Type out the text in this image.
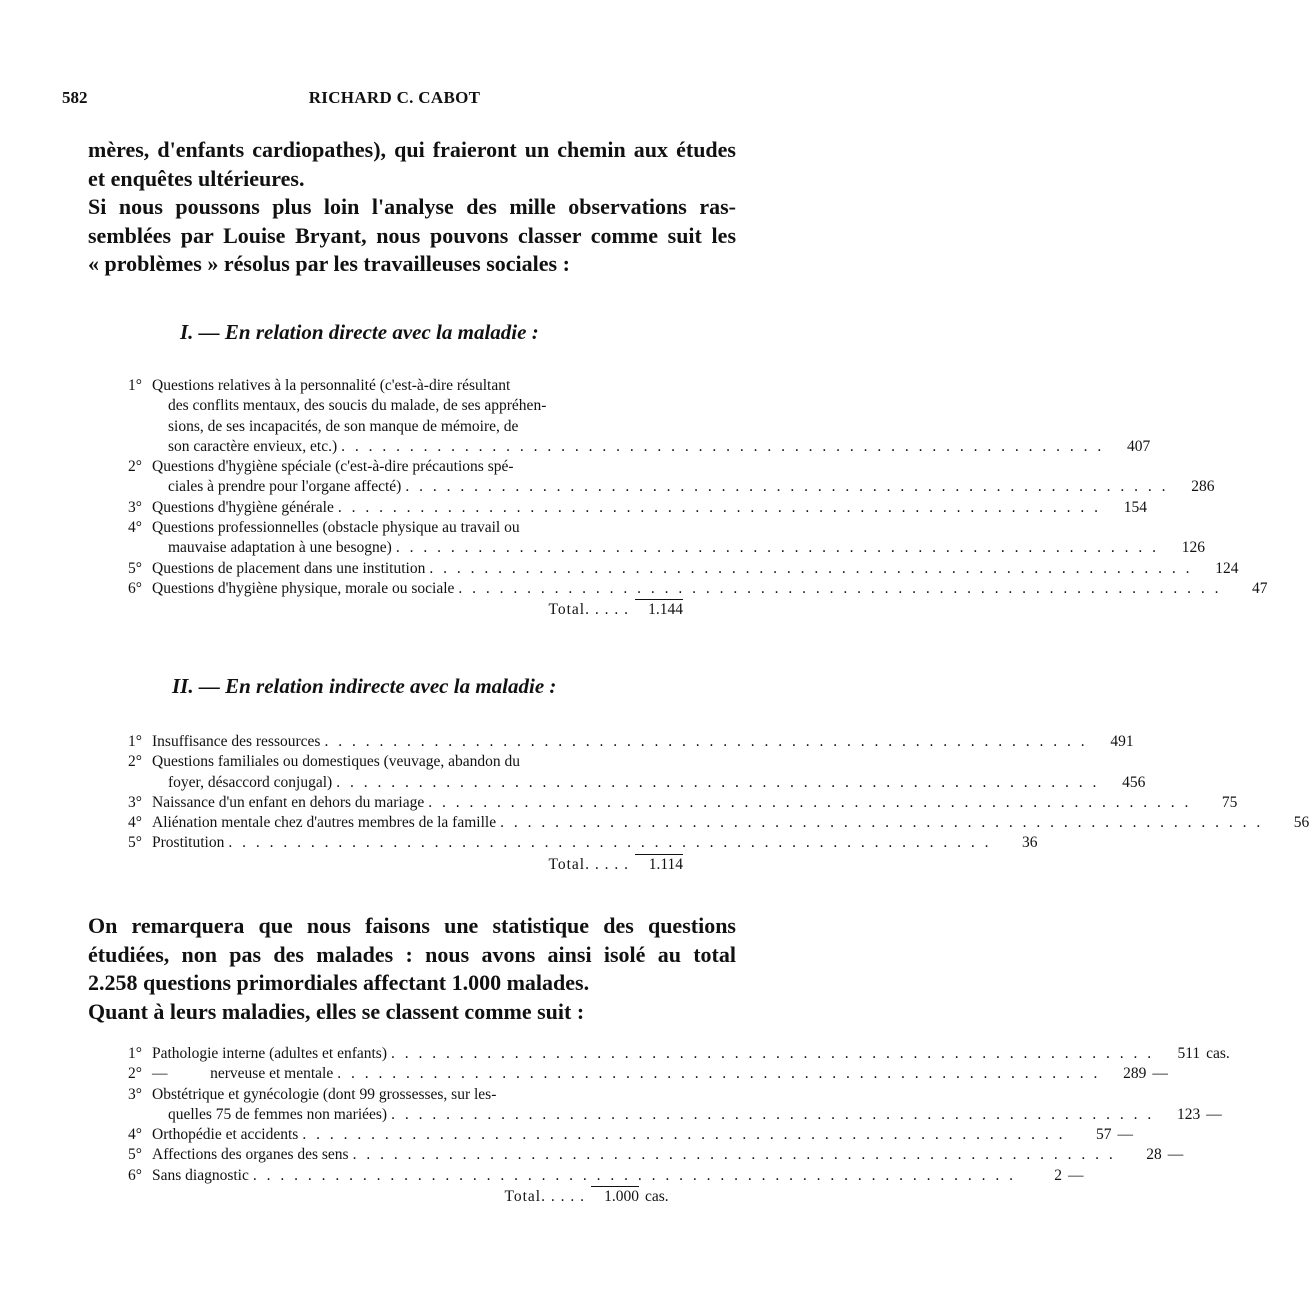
582	RICHARD C. CABOT

mères, d'enfants cardiopathes), qui fraieront un chemin aux études

et enquêtes ultérieures.

Si nous poussons plus loin l'analyse des mille observations ras-

semblées par Louise Bryant, nous pouvons classer comme suit les

« problèmes » résolus par les travailleuses sociales :

I. — En relation directe avec la maladie :
1° Questions relatives à la personnalité (c'est-à-dire résultant
des conflits mentaux, des soucis du malade, de ses appréhen-
sions, de ses incapacités, de son manque de mémoire, de
son caractère envieux, etc.) . . .	407
2° Questions d'hygiène spéciale (c'est-à-dire précautions spé-
ciales à prendre pour l'organe affecté) . . .	286
3° Questions d'hygiène générale . . .	154
4° Questions professionnelles (obstacle physique au travail ou
mauvaise adaptation à une besogne) . . .	126
5° Questions de placement dans une institution . . .	124
6° Questions d'hygiène physique, morale ou sociale . . .	47
Total. . . . .	1.144
II. — En relation indirecte avec la maladie :
1° Insuffisance des ressources . . .	491
2° Questions familiales ou domestiques (veuvage, abandon du
foyer, désaccord conjugal) . . .	456
3° Naissance d'un enfant en dehors du mariage . . .	75
4° Aliénation mentale chez d'autres membres de la famille . . .	56
5° Prostitution . . .	36
Total. . . . .	1.114

On remarquera que nous faisons une statistique des questions

étudiées, non pas des malades : nous avons ainsi isolé au total

2.258 questions primordiales affectant 1.000 malades.

Quant à leurs maladies, elles se classent comme suit :

1° Pathologie interne (adultes et enfants) . . .	511 cas.
2° —           nerveuse et mentale . . .	289 —
3° Obstétrique et gynécologie (dont 99 grossesses, sur les-
quelles 75 de femmes non mariées) . . .	123 —
4° Orthopédie et accidents . . .	57 —
5° Affections des organes des sens . . .	28 —
6° Sans diagnostic . . .	2 —
Total. . . . .	1.000 cas.
